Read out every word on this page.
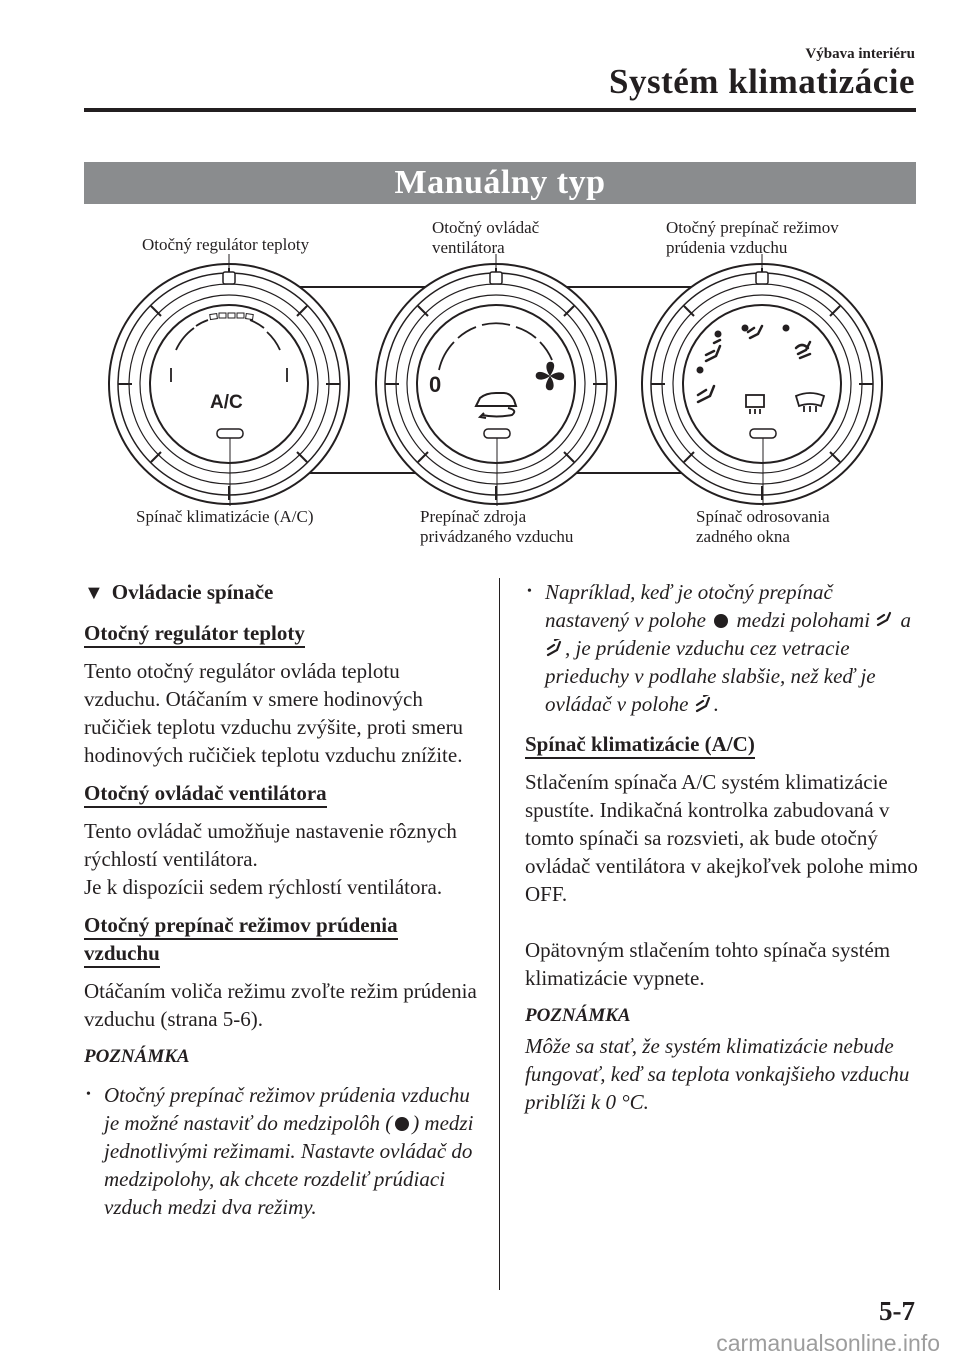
Výbava interiéru
Systém klimatizácie
Manuálny typ
A/C
0
Otočný regulátor teploty
Otočný ovládač
ventilátora
Otočný prepínač režimov
prúdenia vzduchu
Spínač klimatizácie (A/C)	Prepínač zdroja
privádzaného vzduchu
Spínač odrosovania
zadného okna
▼ Ovládacie spínače
Otočný regulátor teploty

Tento otočný regulátor ovláda teplotu vzduchu. Otáčaním v smere hodinových ručičiek teplotu vzduchu zvýšite, proti smeru hodinových ručičiek teplotu vzduchu znížite.

Otočný ovládač ventilátora

Tento ovládač umožňuje nastavenie rôznych rýchlostí ventilátora.

Je k dispozícii sedem rýchlostí ventilátora.

Otočný prepínač režimov prúdenia
vzduchu

Otáčaním voliča režimu zvoľte režim prúdenia vzduchu (strana 5-6).

POZNÁMKA
• Otočný prepínač režimov prúdenia vzduchu je možné nastaviť do medzipolôh ( ) medzi jednotlivými režimami. Nastavte ovládač do medzipolohy, ak chcete rozdeliť prúdiaci vzduch medzi dva režimy.
• Napríklad, keď je otočný prepínač nastavený v polohe medzi polohami a , je prúdenie vzduchu cez vetracie prieduchy v podlahe slabšie, než keď je ovládač v polohe .
Spínač klimatizácie (A/C)

Stlačením spínača A/C systém klimatizácie spustíte. Indikačná kontrolka zabudovaná v tomto spínači sa rozsvieti, ak bude otočný ovládač ventilátora v akejkoľvek polohe mimo OFF.

Opätovným stlačením tohto spínača systém klimatizácie vypnete.

POZNÁMKA

Môže sa stať, že systém klimatizácie nebude fungovať, keď sa teplota vonkajšieho vzduchu priblíži k 0 °C.

5-7
carmanualsonline.info
